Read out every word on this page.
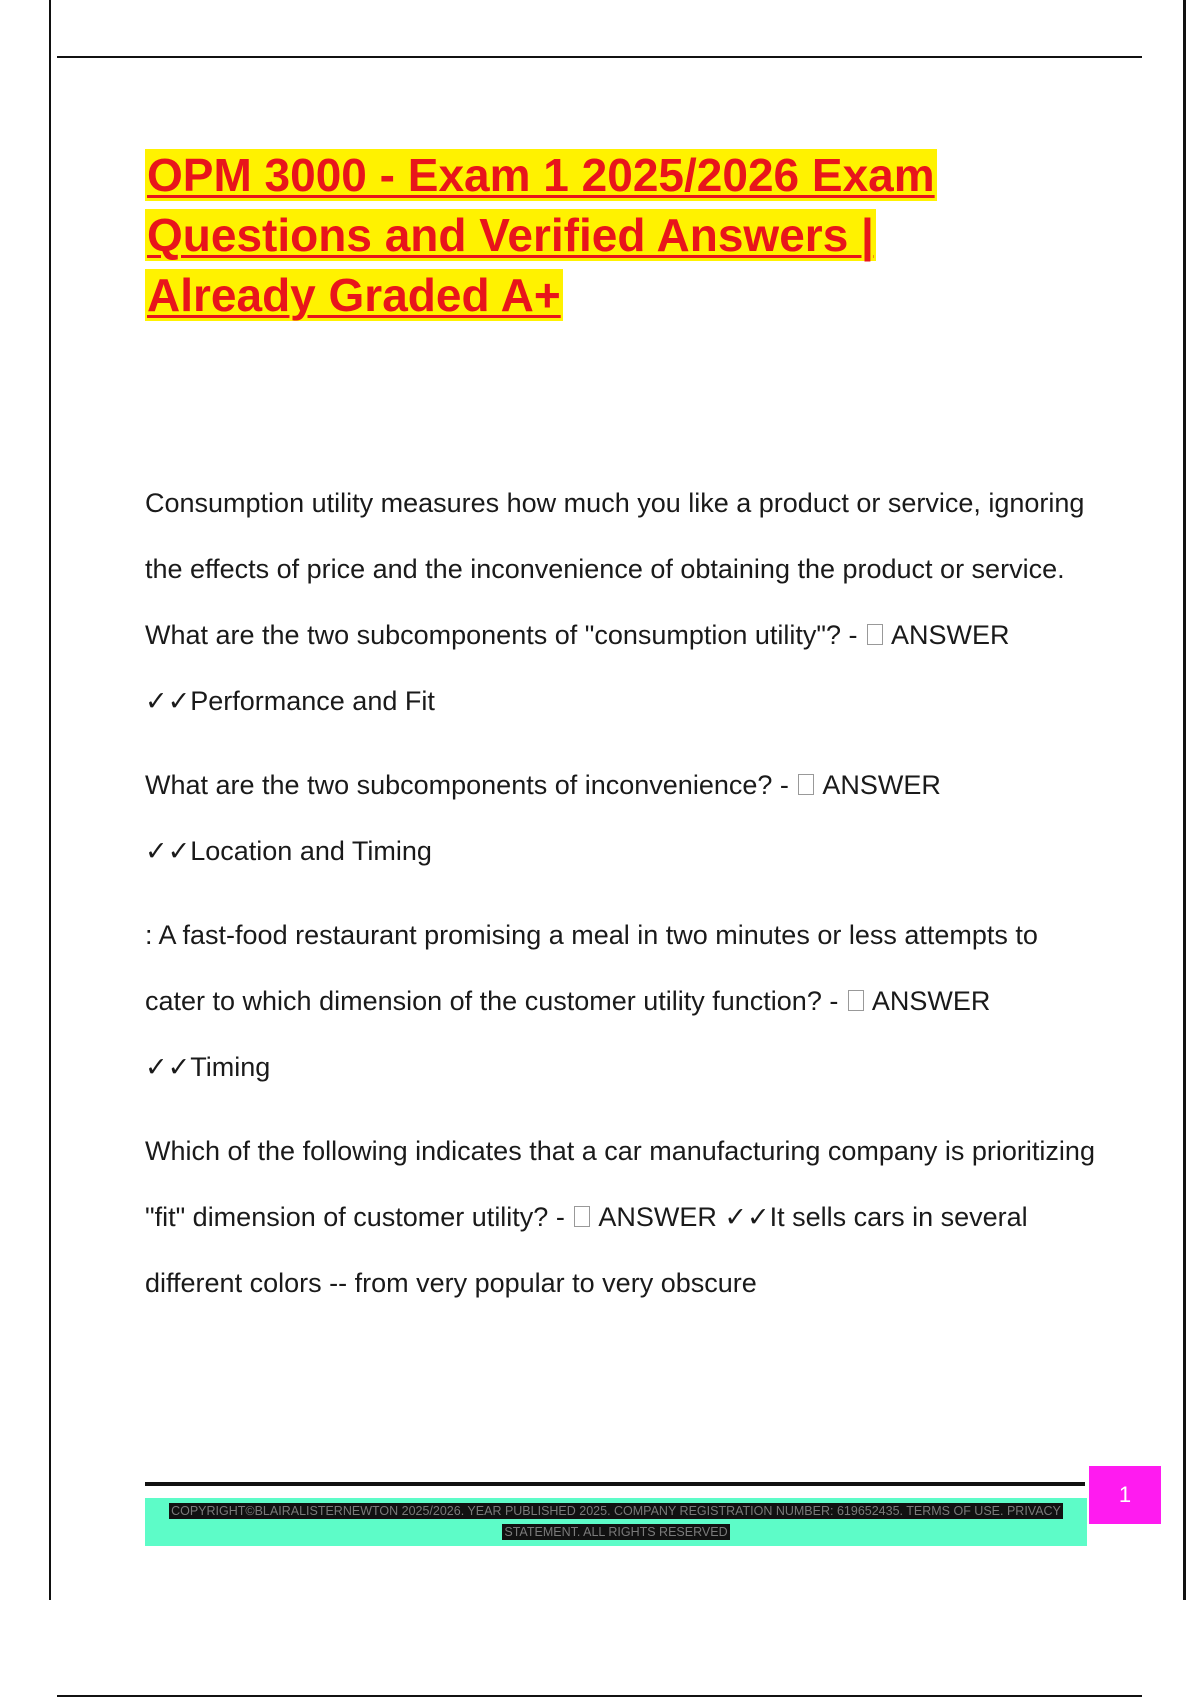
OPM 3000 - Exam 1 2025/2026 Exam Questions and Verified Answers | Already Graded A+

Consumption utility measures how much you like a product or service, ignoring the effects of price and the inconvenience of obtaining the product or service. What are the two subcomponents of "consumption utility"? -  ANSWER ✓✓Performance and Fit

What are the two subcomponents of inconvenience? -  ANSWER ✓✓Location and Timing

: A fast-food restaurant promising a meal in two minutes or less attempts to cater to which dimension of the customer utility function? -  ANSWER ✓✓Timing

Which of the following indicates that a car manufacturing company is prioritizing "fit" dimension of customer utility? -  ANSWER ✓✓It sells cars in several different colors -- from very popular to very obscure

1
COPYRIGHT©BLAIRALISTERNEWTON 2025/2026. YEAR PUBLISHED 2025. COMPANY REGISTRATION NUMBER: 619652435. TERMS OF USE. PRIVACY STATEMENT. ALL RIGHTS RESERVED
